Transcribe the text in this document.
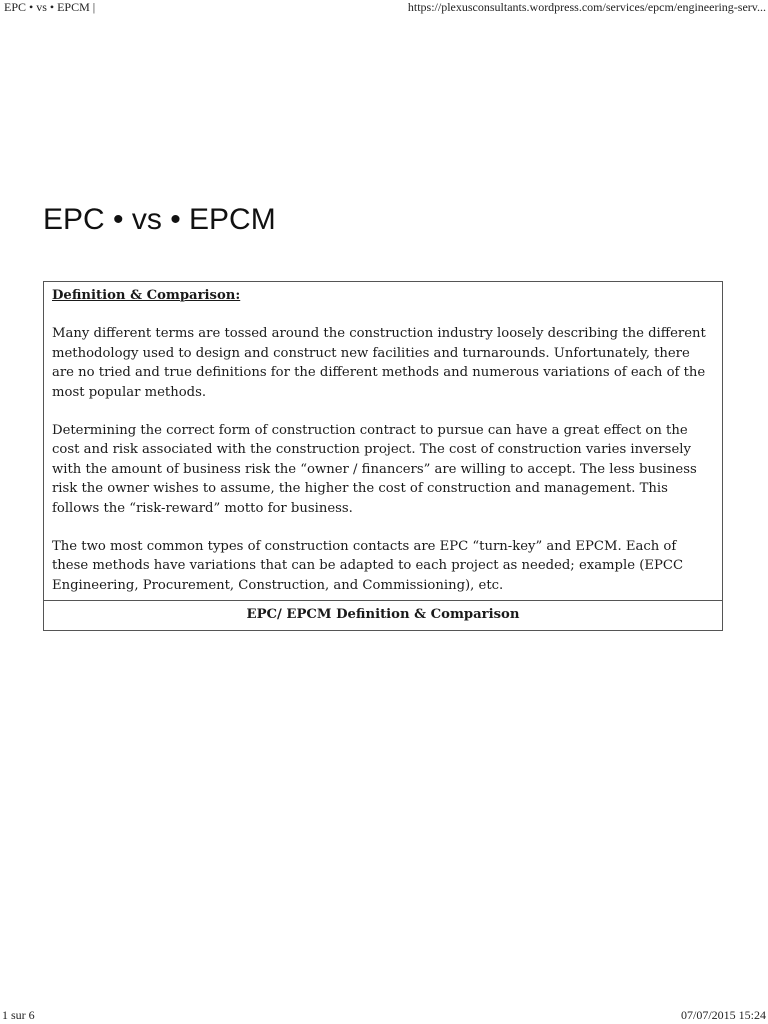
EPC • vs • EPCM |	https://plexusconsultants.wordpress.com/services/epcm/engineering-serv...
EPC • vs • EPCM
Definition & Comparison:

Many different terms are tossed around the construction industry loosely describing the different methodology used to design and construct new facilities and turnarounds. Unfortunately, there are no tried and true definitions for the different methods and numerous variations of each of the most popular methods.

Determining the correct form of construction contract to pursue can have a great effect on the cost and risk associated with the construction project. The cost of construction varies inversely with the amount of business risk the “owner / financers” are willing to accept. The less business risk the owner wishes to assume, the higher the cost of construction and management. This follows the “risk-reward” motto for business.

The two most common types of construction contacts are EPC “turn-key” and EPCM. Each of these methods have variations that can be adapted to each project as needed; example (EPCC Engineering, Procurement, Construction, and Commissioning), etc.

EPC/ EPCM Definition & Comparison
1 sur 6	07/07/2015 15:24
